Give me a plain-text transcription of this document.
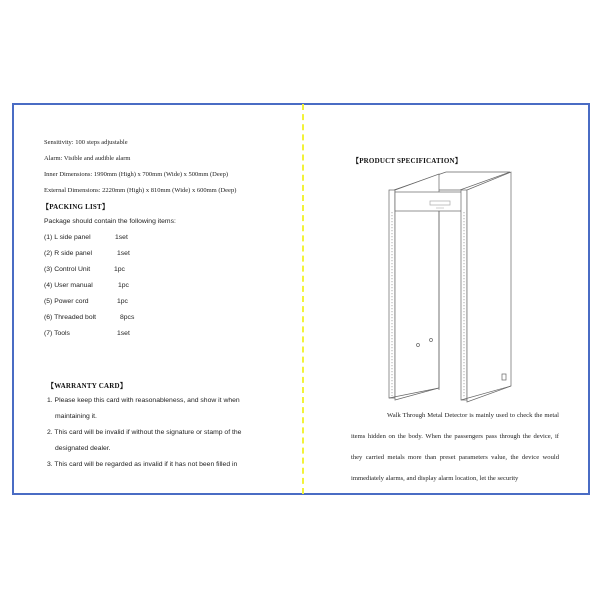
Sensitivity: 100 steps adjustable
Alarm: Visible and audible alarm
Inner Dimensions: 1990mm (High) x 700mm (Wide) x 500mm (Deep)
External Dimensions: 2220mm (High) x 810mm (Wide) x 600mm (Deep)
【PACKING LIST】
Package should contain the following items:
(1) L side panel	1set
(2) R side panel	1set
(3) Control Unit	1pc
(4) User manual	1pc
(5) Power cord	1pc
(6) Threaded bolt	8pcs
(7) Tools	1set
【WARRANTY CARD】
1. Please keep this card with reasonableness, and show it when
maintaining it.
2. This card will be invalid if without the signature or stamp of the
designated dealer.
3. This card will be regarded as invalid if it has not been filled in
【PRODUCT SPECIFICATION】
Walk Through Metal Detector is mainly used to check the metal items hidden on the body. When the passengers pass through the device, if they carried metals more than preset parameters value, the device would immediately alarms, and display alarm location, let the security
